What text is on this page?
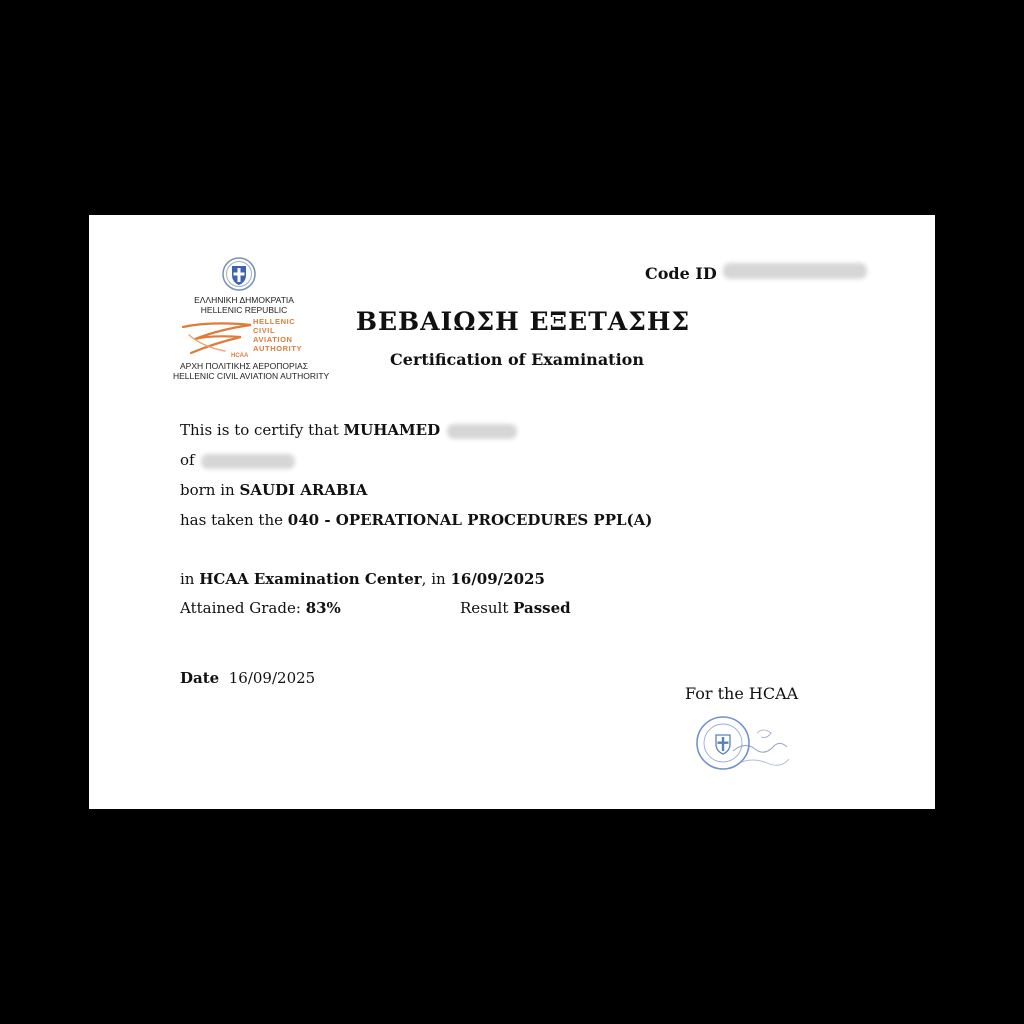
ΕΛΛΗΝΙΚΗ ΔΗΜΟΚΡΑΤΙΑ
HELLENIC REPUBLIC
HCAA
HELLENIC
CIVIL
AVIATION
AUTHORITY
ΑΡΧΗ ΠΟΛΙΤΙΚΗΣ ΑΕΡΟΠΟΡΙΑΣ
HELLENIC CIVIL AVIATION AUTHORITY
Code ID
ΒΕΒΑΙΩΣΗ ΕΞΕΤΑΣΗΣ
Certification of Examination
This is to certify that MUHAMED
of
born in SAUDI ARABIA
has taken the 040 - OPERATIONAL PROCEDURES PPL(A)
in HCAA Examination Center, in 16/09/2025
Attained Grade: 83%	Result Passed
Date 16/09/2025
For the HCAA
